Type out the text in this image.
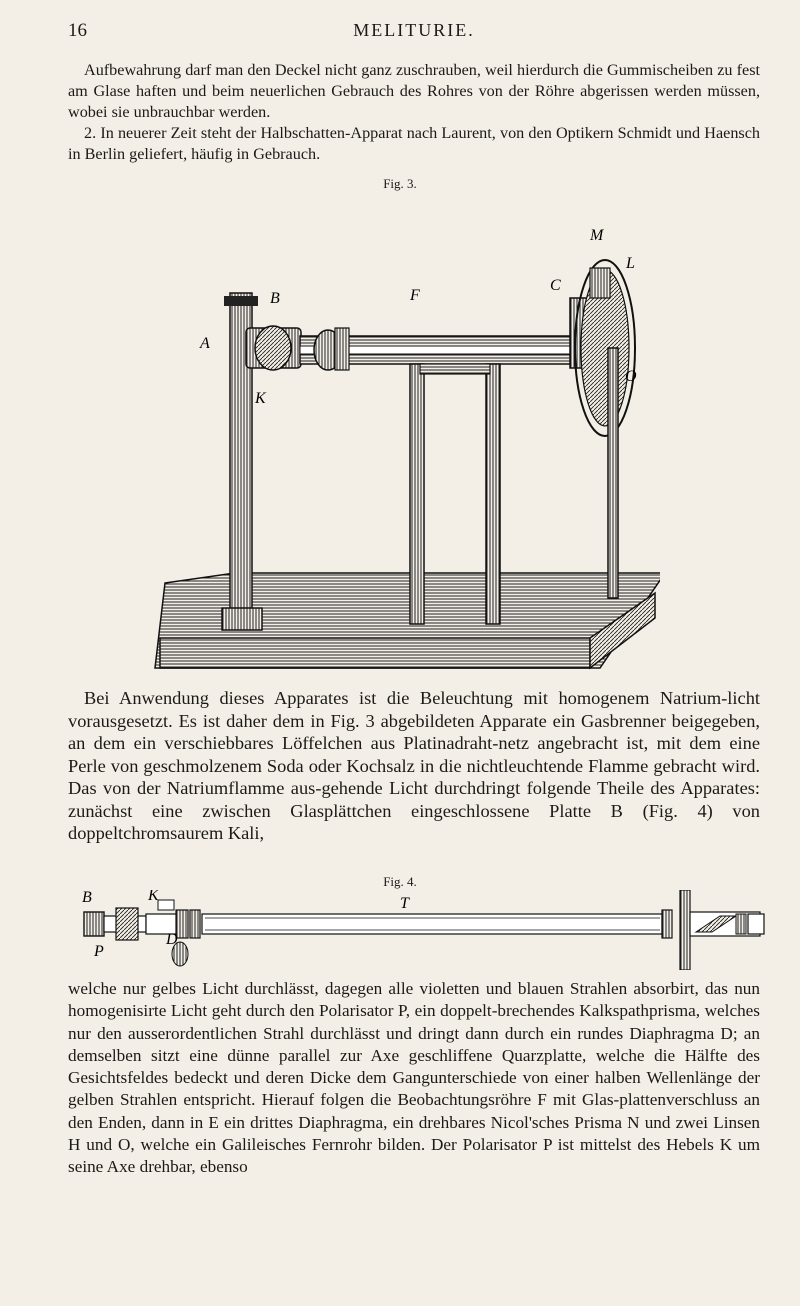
16	MELITURIE.

Aufbewahrung darf man den Deckel nicht ganz zuschrauben, weil hierdurch die Gummischeiben zu fest am Glase haften und beim neuerlichen Gebrauch des Rohres von der Röhre abgerissen werden müssen, wobei sie unbrauchbar werden.

2. In neuerer Zeit steht der Halbschatten-Apparat nach Laurent, von den Optikern Schmidt und Haensch in Berlin geliefert, häufig in Gebrauch.

Fig. 3.
A
B
K
F
C
M
L
O

Bei Anwendung dieses Apparates ist die Beleuchtung mit homogenem Natrium-licht vorausgesetzt. Es ist daher dem in Fig. 3 abgebildeten Apparate ein Gasbrenner beigegeben, an dem ein verschiebbares Löffelchen aus Platinadraht-netz angebracht ist, mit dem eine Perle von geschmolzenem Soda oder Kochsalz in die nichtleuchtende Flamme gebracht wird. Das von der Natriumflamme aus-gehende Licht durchdringt folgende Theile des Apparates: zunächst eine zwischen Glasplättchen eingeschlossene Platte B (Fig. 4) von doppeltchromsaurem Kali,

Fig. 4.
B	K	T
P
D

welche nur gelbes Licht durchlässt, dagegen alle violetten und blauen Strahlen absorbirt, das nun homogenisirte Licht geht durch den Polarisator P, ein doppelt-brechendes Kalkspathprisma, welches nur den ausserordentlichen Strahl durchlässt und dringt dann durch ein rundes Diaphragma D; an demselben sitzt eine dünne parallel zur Axe geschliffene Quarzplatte, welche die Hälfte des Gesichtsfeldes bedeckt und deren Dicke dem Gangunterschiede von einer halben Wellenlänge der gelben Strahlen entspricht. Hierauf folgen die Beobachtungsröhre F mit Glas-plattenverschluss an den Enden, dann in E ein drittes Diaphragma, ein drehbares Nicol'sches Prisma N und zwei Linsen H und O, welche ein Galileisches Fernrohr bilden. Der Polarisator P ist mittelst des Hebels K um seine Axe drehbar, ebenso
